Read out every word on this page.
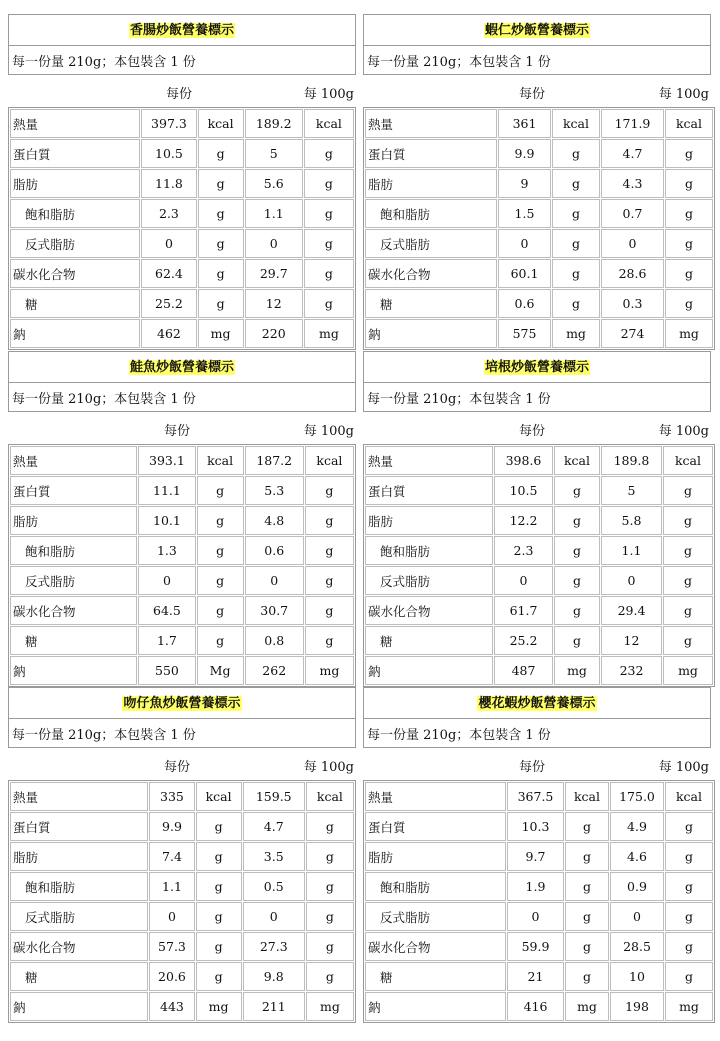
香腸炒飯營養標示
每一份量 210g；本包裝含 1 份
每份	每 100g
熱量	397.3	kcal	189.2	kcal
蛋白質	10.5	g	5	g
脂肪	11.8	g	5.6	g
飽和脂肪	2.3	g	1.1	g
反式脂肪	0	g	0	g
碳水化合物	62.4	g	29.7	g
糖	25.2	g	12	g
鈉	462	mg	220	mg
蝦仁炒飯營養標示
每一份量 210g；本包裝含 1 份
每份	每 100g
熱量	361	kcal	171.9	kcal
蛋白質	9.9	g	4.7	g
脂肪	9	g	4.3	g
飽和脂肪	1.5	g	0.7	g
反式脂肪	0	g	0	g
碳水化合物	60.1	g	28.6	g
糖	0.6	g	0.3	g
鈉	575	mg	274	mg
鮭魚炒飯營養標示
每一份量 210g；本包裝含 1 份
每份	每 100g
熱量	393.1	kcal	187.2	kcal
蛋白質	11.1	g	5.3	g
脂肪	10.1	g	4.8	g
飽和脂肪	1.3	g	0.6	g
反式脂肪	0	g	0	g
碳水化合物	64.5	g	30.7	g
糖	1.7	g	0.8	g
鈉	550	Mg	262	mg
培根炒飯營養標示
每一份量 210g；本包裝含 1 份
每份	每 100g
熱量	398.6	kcal	189.8	kcal
蛋白質	10.5	g	5	g
脂肪	12.2	g	5.8	g
飽和脂肪	2.3	g	1.1	g
反式脂肪	0	g	0	g
碳水化合物	61.7	g	29.4	g
糖	25.2	g	12	g
鈉	487	mg	232	mg
吻仔魚炒飯營養標示
每一份量 210g；本包裝含 1 份
每份	每 100g
熱量	335	kcal	159.5	kcal
蛋白質	9.9	g	4.7	g
脂肪	7.4	g	3.5	g
飽和脂肪	1.1	g	0.5	g
反式脂肪	0	g	0	g
碳水化合物	57.3	g	27.3	g
糖	20.6	g	9.8	g
鈉	443	mg	211	mg
櫻花蝦炒飯營養標示
每一份量 210g；本包裝含 1 份
每份	每 100g
熱量	367.5	kcal	175.0	kcal
蛋白質	10.3	g	4.9	g
脂肪	9.7	g	4.6	g
飽和脂肪	1.9	g	0.9	g
反式脂肪	0	g	0	g
碳水化合物	59.9	g	28.5	g
糖	21	g	10	g
鈉	416	mg	198	mg
